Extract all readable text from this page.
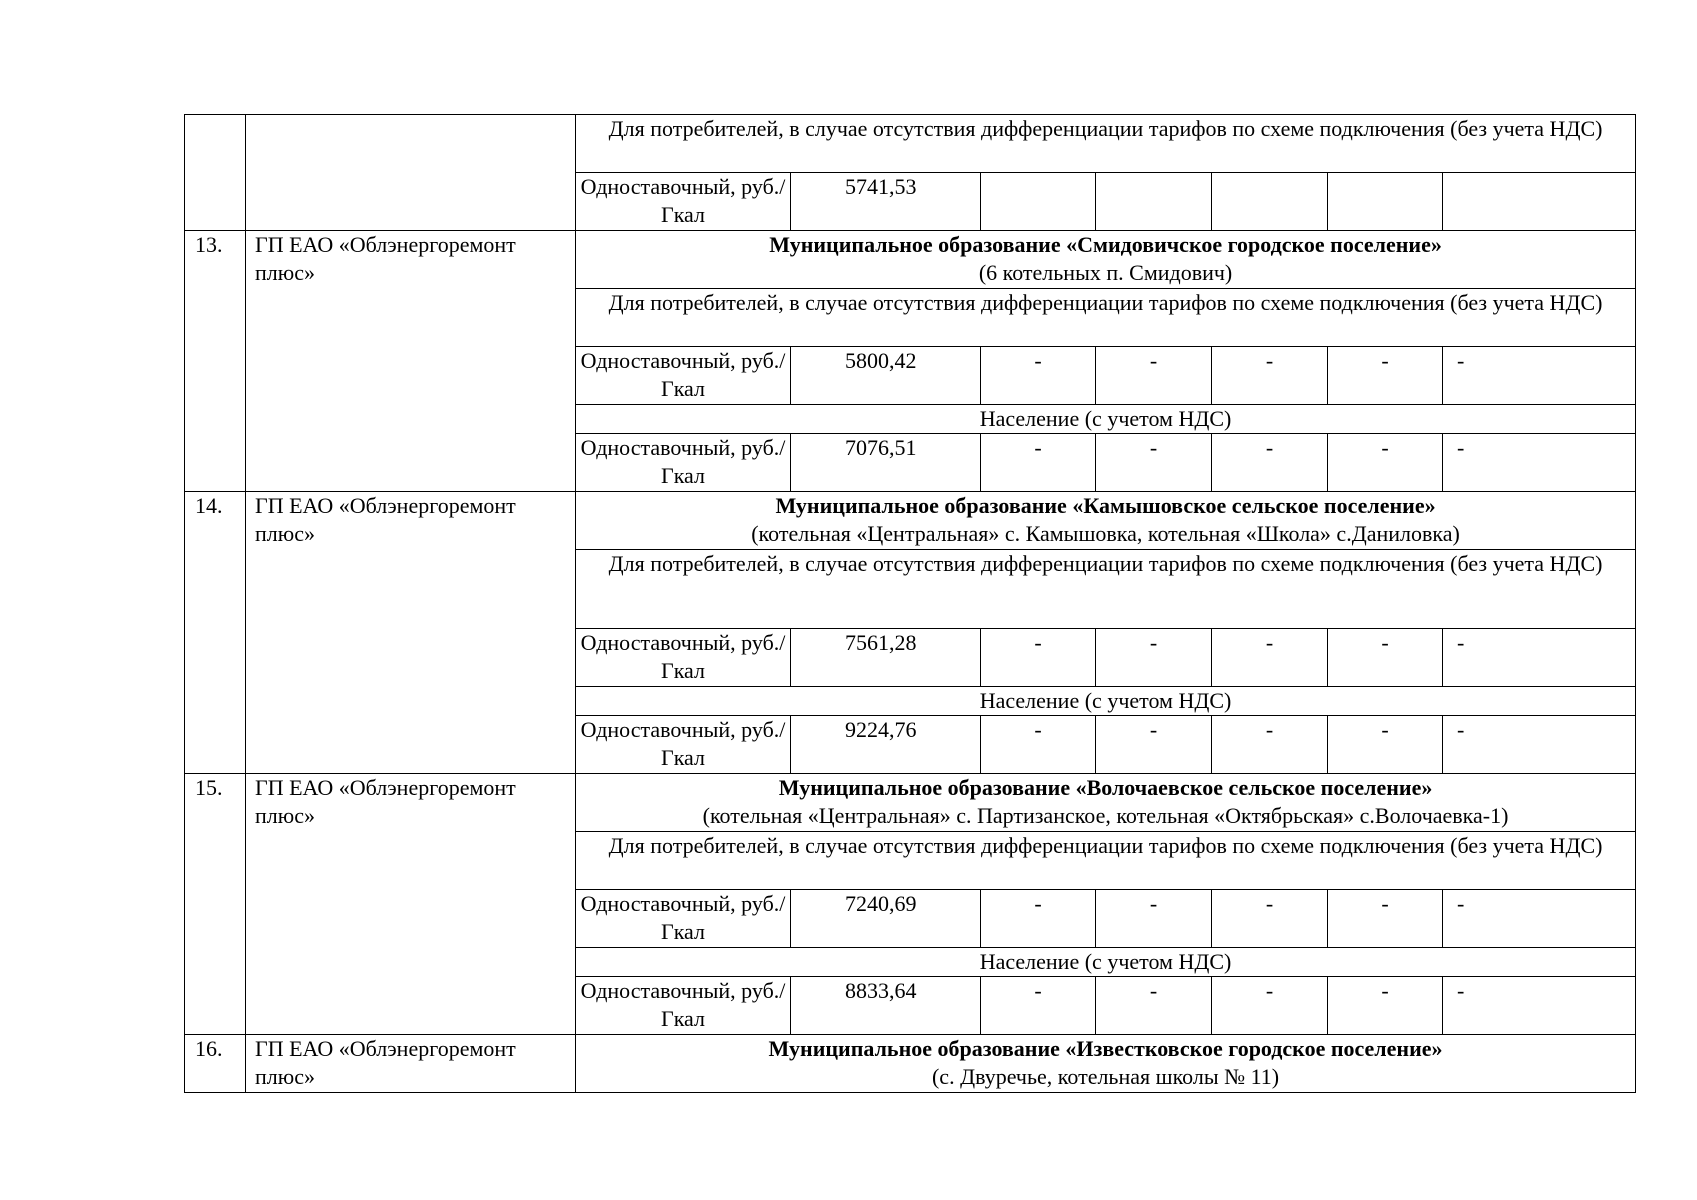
		Для потребителей, в случае отсутствия дифференциации тарифов по схеме подключения (без учета НДС)						
		Одноставочный, руб./Гкал	5741,53					
13.	ГП ЕАО «Облэнергоремонт плюс»	Муниципальное образование «Смидовичское городское поселение»
(6 котельных п. Смидович)						

		Для потребителей, в случае отсутствия дифференциации тарифов по схеме подключения (без учета НДС)						
		Одноставочный, руб./Гкал	5800,42	-	-	-	-	-
		Население (с учетом НДС)						
		Одноставочный, руб./Гкал	7076,51	-	-	-	-	-
14.	ГП ЕАО «Облэнергоремонт плюс»	Муниципальное образование «Камышовское сельское поселение»
(котельная «Центральная» с. Камышовка, котельная «Школа» с.Даниловка)						

		Для потребителей, в случае отсутствия дифференциации тарифов по схеме подключения (без учета НДС)						
		Одноставочный, руб./Гкал	7561,28	-	-	-	-	-
		Население (с учетом НДС)						
		Одноставочный, руб./Гкал	9224,76	-	-	-	-	-
15.	ГП ЕАО «Облэнергоремонт плюс»	Муниципальное образование «Волочаевское сельское поселение»
(котельная «Центральная» с. Партизанское, котельная «Октябрьская» с.Волочаевка-1)						

		Для потребителей, в случае отсутствия дифференциации тарифов по схеме подключения (без учета НДС)						
		Одноставочный, руб./Гкал	7240,69	-	-	-	-	-
		Население (с учетом НДС)						
		Одноставочный, руб./Гкал	8833,64	-	-	-	-	-
16.	ГП ЕАО «Облэнергоремонт плюс»	Муниципальное образование «Известковское городское поселение»
(с. Двуречье, котельная школы № 11)						
